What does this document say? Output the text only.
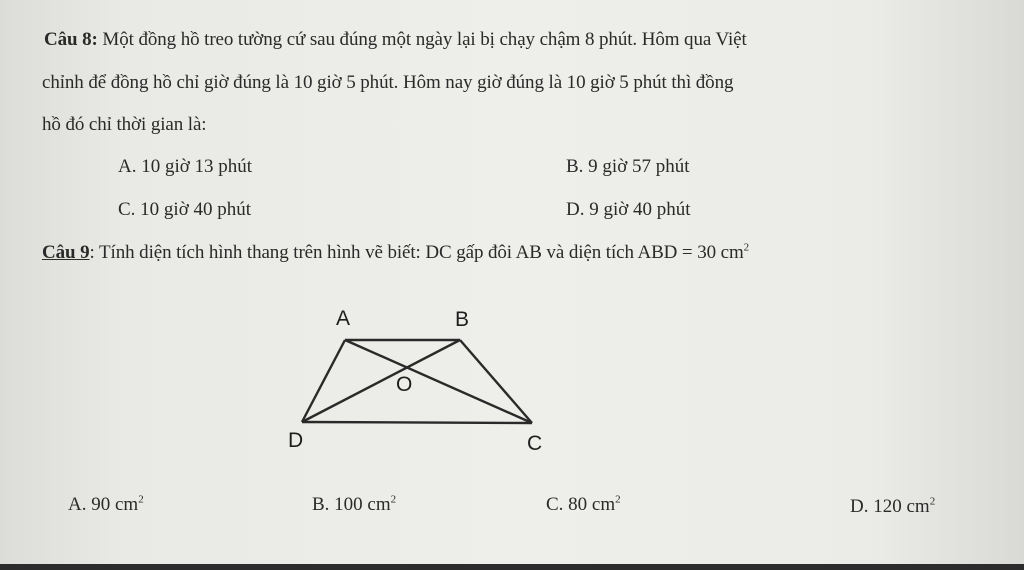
Câu 8: Một đồng hồ treo tường cứ sau đúng một ngày lại bị chạy chậm 8 phút. Hôm qua Việt
chỉnh để đồng hồ chỉ giờ đúng là 10 giờ 5 phút. Hôm nay giờ đúng là 10 giờ 5 phút thì đồng
hồ đó chỉ thời gian là:
A. 10 giờ 13 phút	B. 9 giờ 57 phút
C. 10 giờ 40 phút	D. 9 giờ 40 phút
Câu 9: Tính diện tích hình thang trên hình vẽ biết: DC gấp đôi AB và diện tích ABD = 30 $cm^2$
A	B
O
D	C
A. 90 $cm^2$	B. 100 $cm^2$	C. 80 $cm^2$	D. 120 $cm^2$
